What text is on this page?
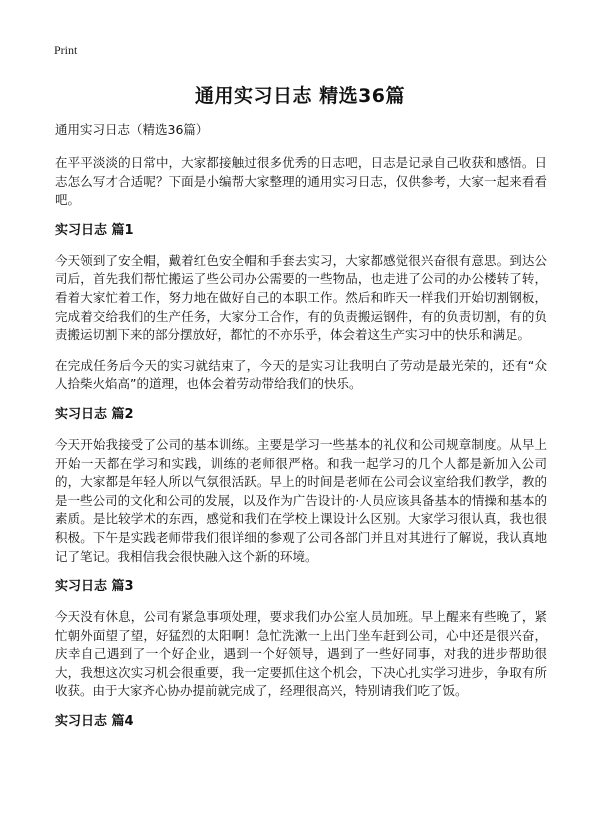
Print
通用实习日志 精选36篇

通用实习日志（精选36篇）

在平平淡淡的日常中，大家都接触过很多优秀的日志吧，日志是记录自己收获和感悟。日志怎么写才合适呢？下面是小编帮大家整理的通用实习日志，仅供参考，大家一起来看看吧。

实习日志 篇1

今天领到了安全帽，戴着红色安全帽和手套去实习，大家都感觉很兴奋很有意思。到达公司后，首先我们帮忙搬运了些公司办公需要的一些物品，也走进了公司的办公楼转了转，看着大家忙着工作，努力地在做好自己的本职工作。然后和昨天一样我们开始切割钢板，完成着交给我们的生产任务，大家分工合作，有的负责搬运钢件，有的负责切割，有的负责搬运切割下来的部分摆放好，都忙的不亦乐乎，体会着这生产实习中的快乐和满足。

在完成任务后今天的实习就结束了，今天的是实习让我明白了劳动是最光荣的，还有“众人拾柴火焰高”的道理，也体会着劳动带给我们的快乐。

实习日志 篇2

今天开始我接受了公司的基本训练。主要是学习一些基本的礼仪和公司规章制度。从早上开始一天都在学习和实践，训练的老师很严格。和我一起学习的几个人都是新加入公司的，大家都是年轻人所以气氛很活跃。早上的时间是老师在公司会议室给我们教学，教的是一些公司的文化和公司的发展，以及作为广告设计的·人员应该具备基本的情操和基本的素质。是比较学术的东西，感觉和我们在学校上课设计么区别。大家学习很认真，我也很积极。下午是实践老师带我们很详细的参观了公司各部门并且对其进行了解说，我认真地记了笔记。我相信我会很快融入这个新的环境。

实习日志 篇3

今天没有休息，公司有紧急事项处理，要求我们办公室人员加班。早上醒来有些晚了，紧忙朝外面望了望，好猛烈的太阳啊！急忙洗漱一上出门坐车赶到公司，心中还是很兴奋，庆幸自己遇到了一个好企业，遇到一个好领导，遇到了一些好同事，对我的进步帮助很大，我想这次实习机会很重要，我一定要抓住这个机会，下决心扎实学习进步，争取有所收获。由于大家齐心协办提前就完成了，经理很高兴，特别请我们吃了饭。

实习日志 篇4
